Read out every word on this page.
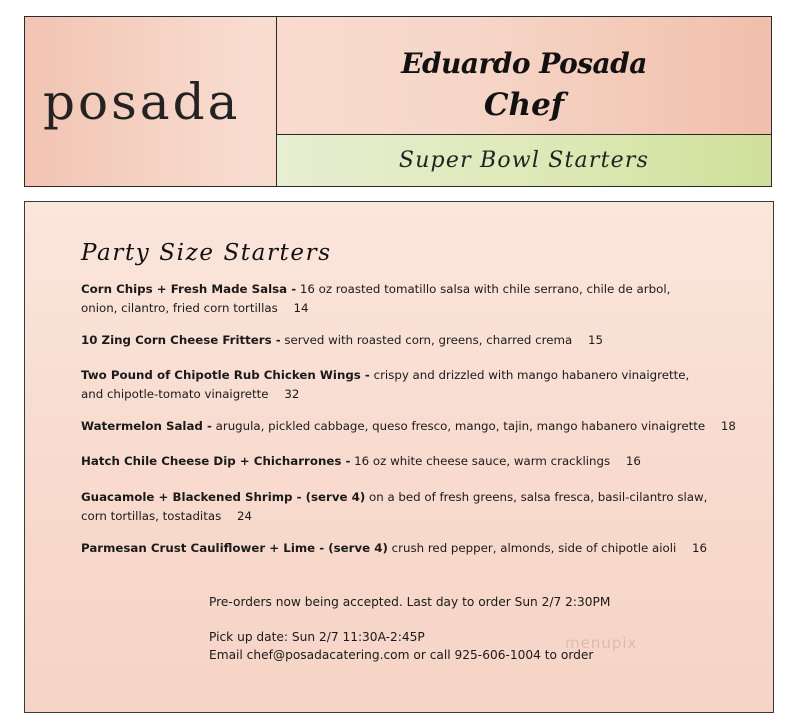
posada
Eduardo Posada
Chef
Super Bowl Starters
Party Size Starters
Corn Chips + Fresh Made Salsa - 16 oz roasted tomatillo salsa with chile serrano, chile de arbol,
onion, cilantro, fried corn tortillas 14
10 Zing Corn Cheese Fritters - served with roasted corn, greens, charred crema 15
Two Pound of Chipotle Rub Chicken Wings - crispy and drizzled with mango habanero vinaigrette,
and chipotle-tomato vinaigrette 32
Watermelon Salad - arugula, pickled cabbage, queso fresco, mango, tajin, mango habanero vinaigrette 18
Hatch Chile Cheese Dip + Chicharrones - 16 oz white cheese sauce, warm cracklings 16
Guacamole + Blackened Shrimp - (serve 4) on a bed of fresh greens, salsa fresca, basil-cilantro slaw,
corn tortillas, tostaditas 24
Parmesan Crust Cauliflower + Lime - (serve 4) crush red pepper, almonds, side of chipotle aioli 16
Pre-orders now being accepted. Last day to order Sun 2/7 2:30PM
Pick up date: Sun 2/7 11:30A-2:45P
Email chef@posadacatering.com or call 925-606-1004 to order
menupix
